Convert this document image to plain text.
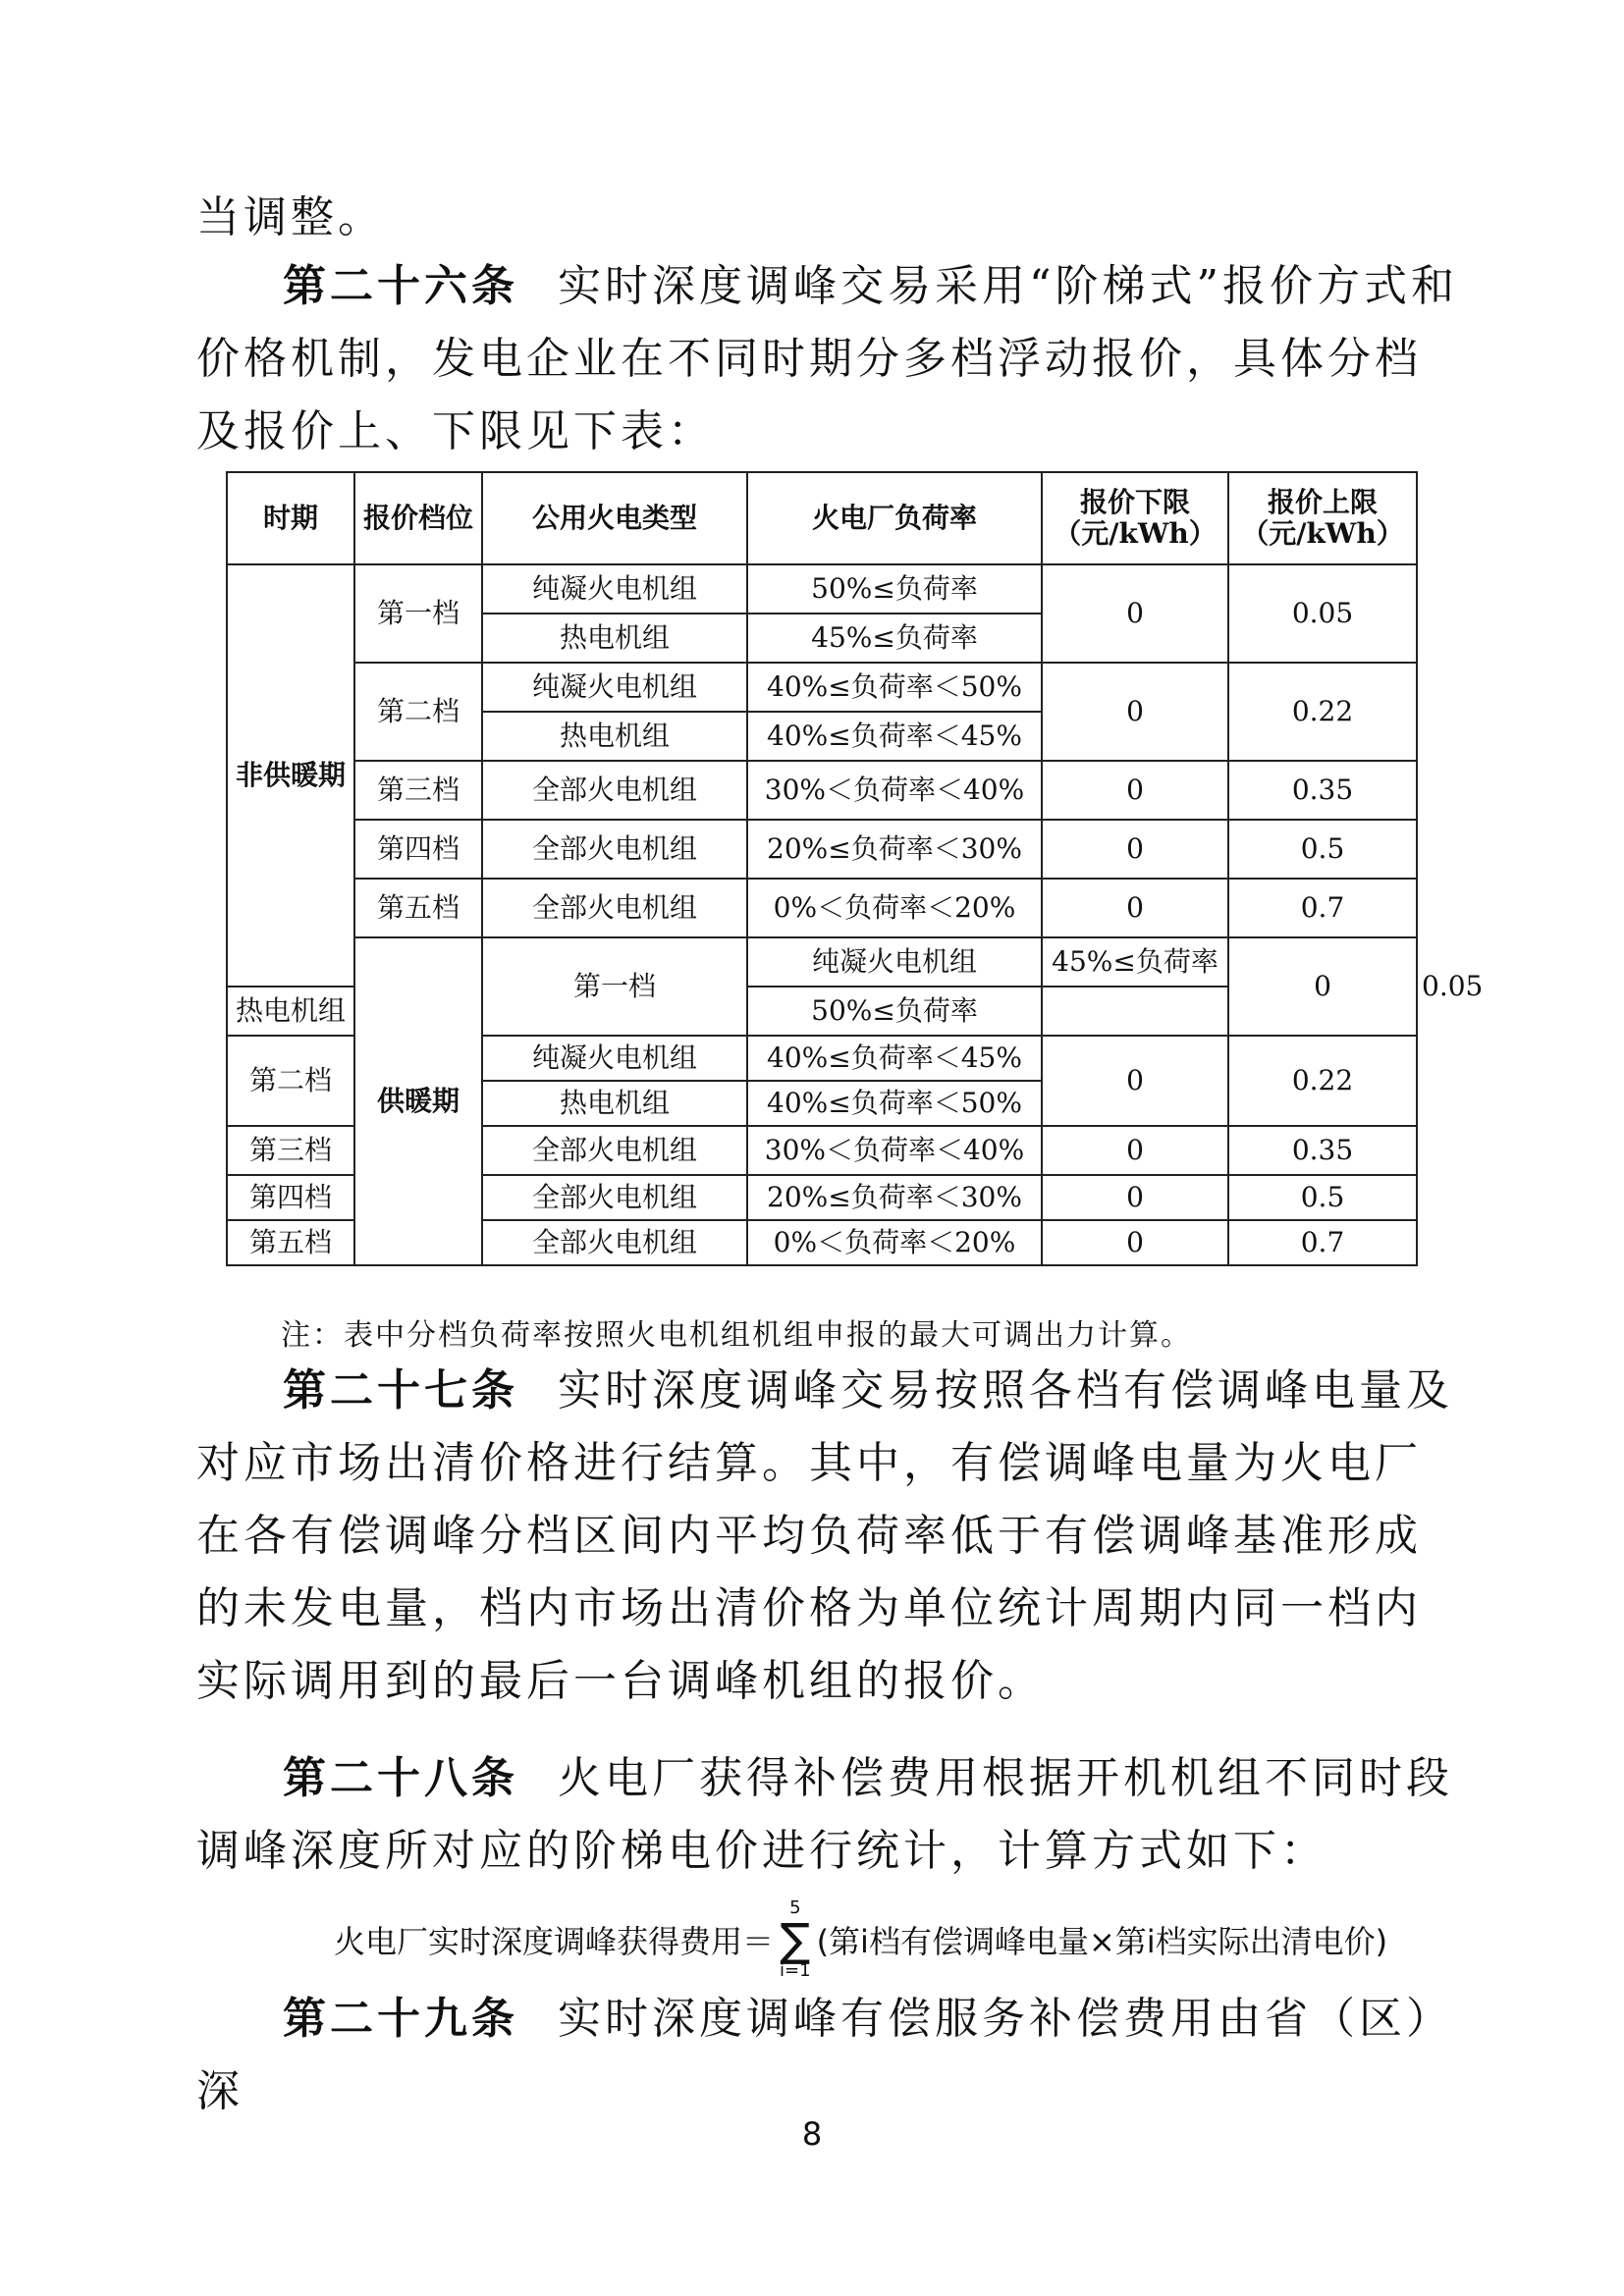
当调整。

第二十六条 实时深度调峰交易采用“阶梯式”报价方式和价格机制，发电企业在不同时期分多档浮动报价，具体分档及报价上、下限见下表：

时期	报价档位	公用火电类型	火电厂负荷率	报价下限（元/kWh）	报价上限（元/kWh）	
非供暖期	第一档	纯凝火电机组	50%≤负荷率	0	0.05	
		热电机组	45%≤负荷率			
	第二档	纯凝火电机组	40%≤负荷率＜50%	0	0.22	
		热电机组	40%≤负荷率＜45%			
	第三档	全部火电机组	30%＜负荷率＜40%	0	0.35	
	第四档	全部火电机组	20%≤负荷率＜30%	0	0.5	
	第五档	全部火电机组	0%＜负荷率＜20%	0	0.7	
	供暖期	第一档	纯凝火电机组	45%≤负荷率	0	0.05
热电机组			50%≤负荷率			
第二档		纯凝火电机组	40%≤负荷率＜45%	0	0.22	
		热电机组	40%≤负荷率＜50%			
第三档		全部火电机组	30%＜负荷率＜40%	0	0.35	
第四档		全部火电机组	20%≤负荷率＜30%	0	0.5	
第五档		全部火电机组	0%＜负荷率＜20%	0	0.7	
注：表中分档负荷率按照火电机组机组申报的最大可调出力计算。

第二十七条 实时深度调峰交易按照各档有偿调峰电量及对应市场出清价格进行结算。其中，有偿调峰电量为火电厂在各有偿调峰分档区间内平均负荷率低于有偿调峰基准形成的未发电量，档内市场出清价格为单位统计周期内同一档内实际调用到的最后一台调峰机组的报价。

第二十八条 火电厂获得补偿费用根据开机机组不同时段调峰深度所对应的阶梯电价进行统计，计算方式如下：

火电厂实时深度调峰获得费用＝
5
∑
i=1
(第i档有偿调峰电量×第i档实际出清电价)

第二十九条 实时深度调峰有偿服务补偿费用由省（区）深

8
